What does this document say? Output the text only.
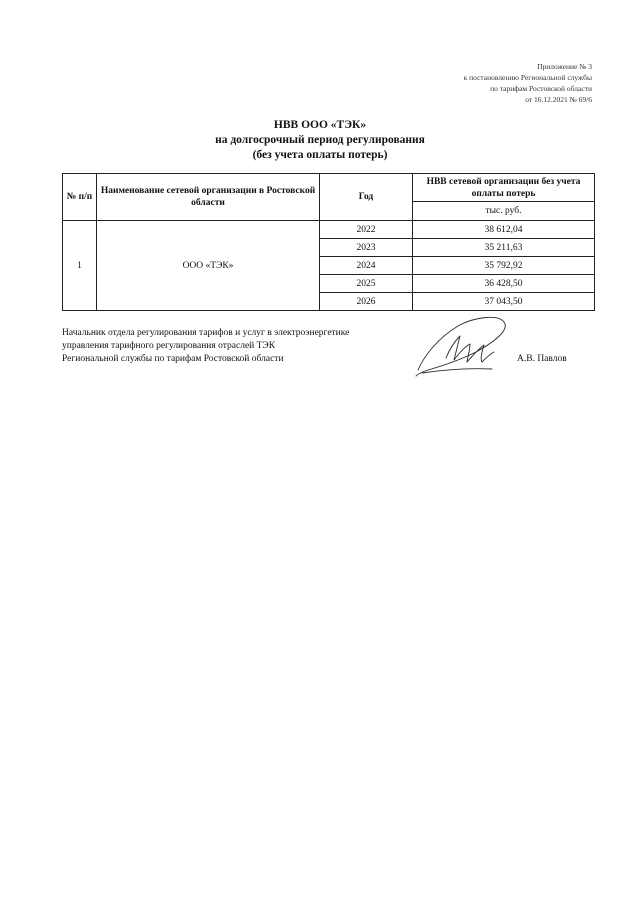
Приложение № 3
к постановлению Региональной службы
по тарифам Ростовской области
от 16.12.2021 № 69/6
НВВ ООО «ТЭК»
на долгосрочный период регулирования
(без учета оплаты потерь)
№ п/п	Наименование сетевой организации в Ростовской области	Год	НВВ сетевой организации без учета оплаты потерь
			тыс. руб.
1	ООО «ТЭК»	2022	38 612,04
		2023	35 211,63
		2024	35 792,92
		2025	36 428,50
		2026	37 043,50
Начальник отдела регулирования тарифов и услуг в электроэнергетике
управления тарифного регулирования отраслей ТЭК
Региональной службы по тарифам Ростовской области	А.В. Павлов
